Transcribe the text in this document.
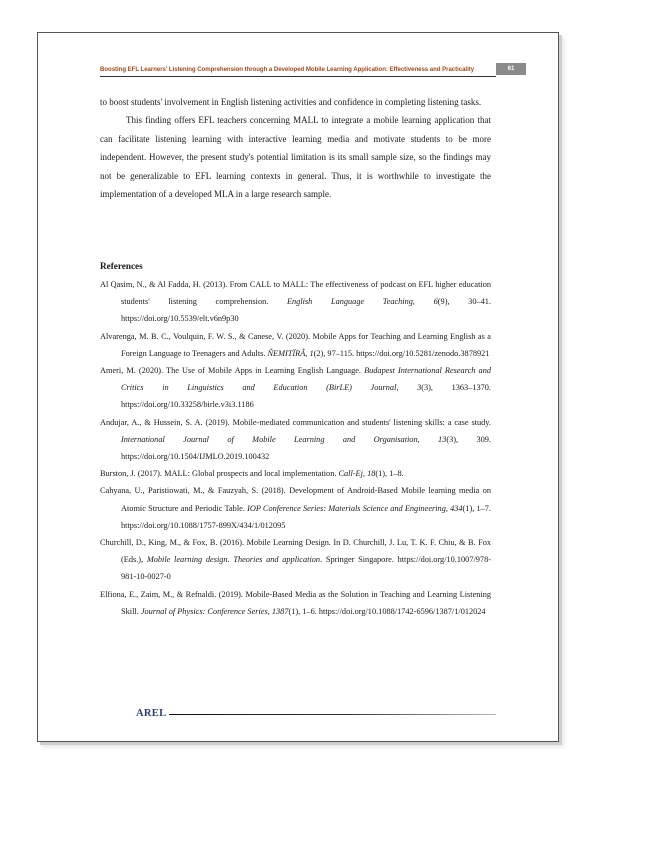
Boosting EFL Learners' Listening Comprehension through a Developed Mobile Learning Application: Effectiveness and Practicality	61

to boost students' involvement in English listening activities and confidence in completing listening tasks.

This finding offers EFL teachers concerning MALL to integrate a mobile learning application that can facilitate listening learning with interactive learning media and motivate students to be more independent. However, the present study's potential limitation is its small sample size, so the findings may not be generalizable to EFL learning contexts in general. Thus, it is worthwhile to investigate the implementation of a developed MLA in a large research sample.

References

Al Qasim, N., & Al Fadda, H. (2013). From CALL to MALL: The effectiveness of podcast on EFL higher education students' listening comprehension. English Language Teaching, 6(9), 30–41. https://doi.org/10.5539/elt.v6n9p30

Alvarenga, M. B. C., Voulquin, F. W. S., & Canese, V. (2020). Mobile Apps for Teaching and Learning English as a Foreign Language to Teenagers and Adults. ÑEMITÏRÃ, 1(2), 97–115. https://doi.org/10.5281/zenodo.3878921

Ameri, M. (2020). The Use of Mobile Apps in Learning English Language. Budapest International Research and Critics in Linguistics and Education (BirLE) Journal, 3(3), 1363–1370. https://doi.org/10.33258/birle.v3i3.1186

Andujar, A., & Hussein, S. A. (2019). Mobile-mediated communication and students' listening skills: a case study. International Journal of Mobile Learning and Organisation, 13(3), 309. https://doi.org/10.1504/IJMLO.2019.100432

Burston, J. (2017). MALL: Global prospects and local implementation. Call-Ej, 18(1), 1–8.

Cahyana, U., Paristiowati, M., & Fauzyah, S. (2018). Development of Android-Based Mobile learning media on Atomic Structure and Periodic Table. IOP Conference Series: Materials Science and Engineering, 434(1), 1–7. https://doi.org/10.1088/1757-899X/434/1/012095

Churchill, D., King, M., & Fox, B. (2016). Mobile Learning Design. In D. Churchill, J. Lu, T. K. F. Chiu, & B. Fox (Eds.), Mobile learning design. Theories and application. Springer Singapore. https://doi.org/10.1007/978-981-10-0027-0

Elfiona, E., Zaim, M., & Refnaldi. (2019). Mobile-Based Media as the Solution in Teaching and Learning Listening Skill. Journal of Physics: Conference Series, 1387(1), 1–6. https://doi.org/10.1088/1742-6596/1387/1/012024

AREL
